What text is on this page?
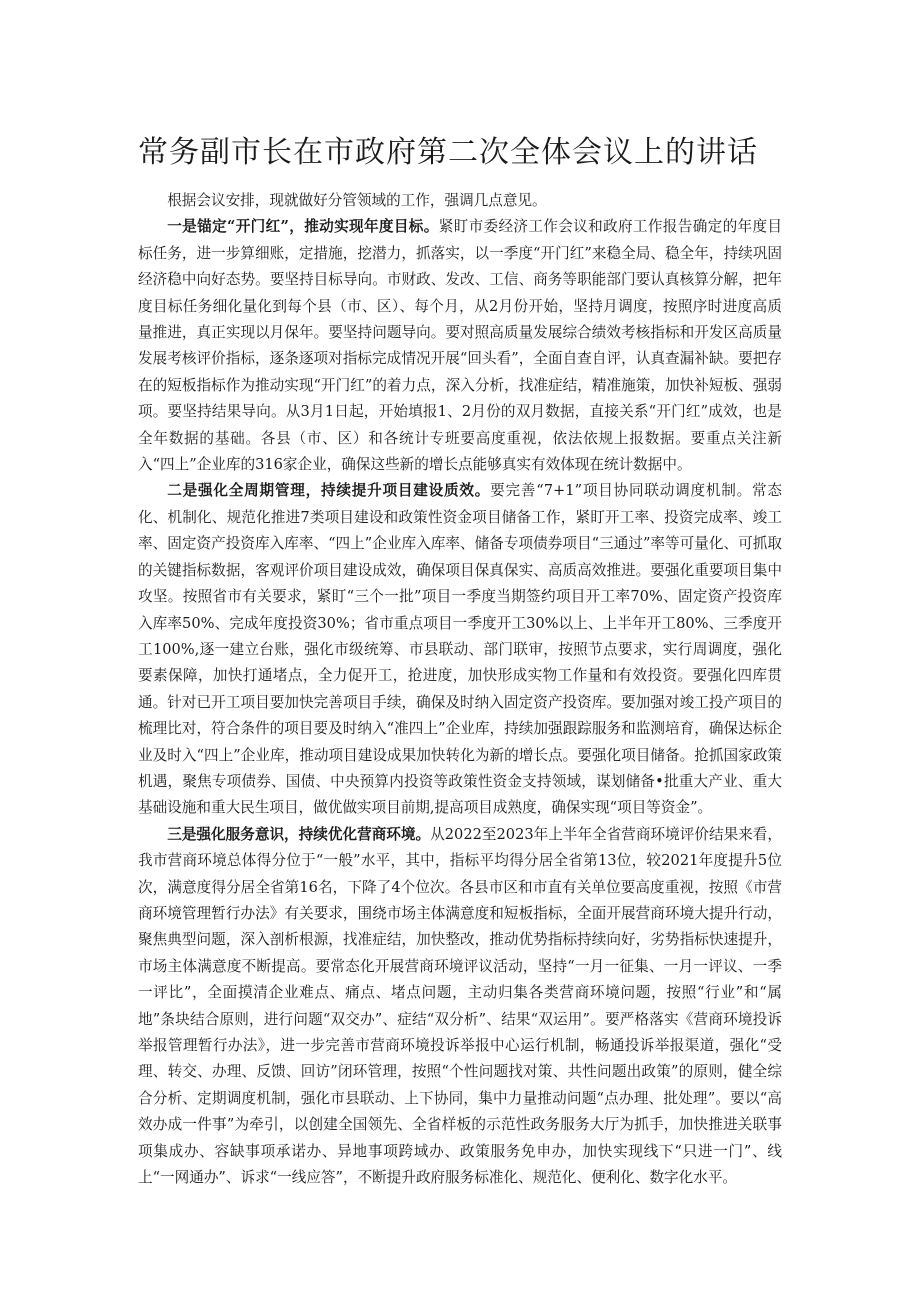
常务副市长在市政府第二次全体会议上的讲话

根据会议安排，现就做好分管领域的工作，强调几点意见。

一是锚定“开门红”，推动实现年度目标。紧盯市委经济工作会议和政府工作报告确定的年度目标任务，进一步算细账，定措施，挖潜力，抓落实，以一季度“开门红”来稳全局、稳全年，持续巩固经济稳中向好态势。要坚持目标导向。市财政、发改、工信、商务等职能部门要认真核算分解，把年度目标任务细化量化到每个县（市、区）、每个月，从2月份开始，坚持月调度，按照序时进度高质量推进，真正实现以月保年。要坚持问题导向。要对照高质量发展综合绩效考核指标和开发区高质量发展考核评价指标，逐条逐项对指标完成情况开展“回头看”，全面自查自评，认真查漏补缺。要把存在的短板指标作为推动实现“开门红”的着力点，深入分析，找准症结，精准施策，加快补短板、强弱项。要坚持结果导向。从3月1日起，开始填报1、2月份的双月数据，直接关系“开门红”成效，也是全年数据的基础。各县（市、区）和各统计专班要高度重视，依法依规上报数据。要重点关注新入“四上”企业库的316家企业，确保这些新的增长点能够真实有效体现在统计数据中。

二是强化全周期管理，持续提升项目建设质效。要完善“7+1”项目协同联动调度机制。常态化、机制化、规范化推进7类项目建设和政策性资金项目储备工作，紧盯开工率、投资完成率、竣工率、固定资产投资库入库率、“四上”企业库入库率、储备专项债券项目“三通过”率等可量化、可抓取的关键指标数据，客观评价项目建设成效，确保项目保真保实、高质高效推进。要强化重要项目集中攻坚。按照省市有关要求，紧盯“三个一批”项目一季度当期签约项目开工率70%、固定资产投资库入库率50%、完成年度投资30%；省市重点项目一季度开工30%以上、上半年开工80%、三季度开工100%,逐一建立台账，强化市级统筹、市县联动、部门联审，按照节点要求，实行周调度，强化要素保障，加快打通堵点，全力促开工，抢进度，加快形成实物工作量和有效投资。要强化四库贯通。针对已开工项目要加快完善项目手续，确保及时纳入固定资产投资库。要加强对竣工投产项目的梳理比对，符合条件的项目要及时纳入“准四上”企业库，持续加强跟踪服务和监测培育，确保达标企业及时入“四上”企业库，推动项目建设成果加快转化为新的增长点。要强化项目储备。抢抓国家政策机遇，聚焦专项债券、国债、中央预算内投资等政策性资金支持领域，谋划储备•批重大产业、重大基础设施和重大民生项目，做优做实项目前期,提高项目成熟度，确保实现“项目等资金”。

三是强化服务意识，持续优化营商环境。从2022至2023年上半年全省营商环境评价结果来看，我市营商环境总体得分位于“一般”水平，其中，指标平均得分居全省第13位，较2021年度提升5位次，满意度得分居全省第16名，下降了4个位次。各县市区和市直有关单位要高度重视，按照《市营商环境管理暂行办法》有关要求，围绕市场主体满意度和短板指标，全面开展营商环境大提升行动，聚焦典型问题，深入剖析根源，找准症结，加快整改，推动优势指标持续向好，劣势指标快速提升，市场主体满意度不断提高。要常态化开展营商环境评议活动，坚持“一月一征集、一月一评议、一季一评比”，全面摸清企业难点、痛点、堵点问题，主动归集各类营商环境问题，按照“行业”和“属地”条块结合原则，进行问题“双交办”、症结“双分析”、结果“双运用”。要严格落实《营商环境投诉举报管理暂行办法》，进一步完善市营商环境投诉举报中心运行机制，畅通投诉举报渠道，强化“受理、转交、办理、反馈、回访”闭环管理，按照“个性问题找对策、共性问题出政策”的原则，健全综合分析、定期调度机制，强化市县联动、上下协同，集中力量推动问题“点办理、批处理”。要以“高效办成一件事”为牵引，以创建全国领先、全省样板的示范性政务服务大厅为抓手，加快推进关联事项集成办、容缺事项承诺办、异地事项跨域办、政策服务免申办，加快实现线下“只进一门”、线上“一网通办”、诉求“一线应答”，不断提升政府服务标准化、规范化、便利化、数字化水平。
